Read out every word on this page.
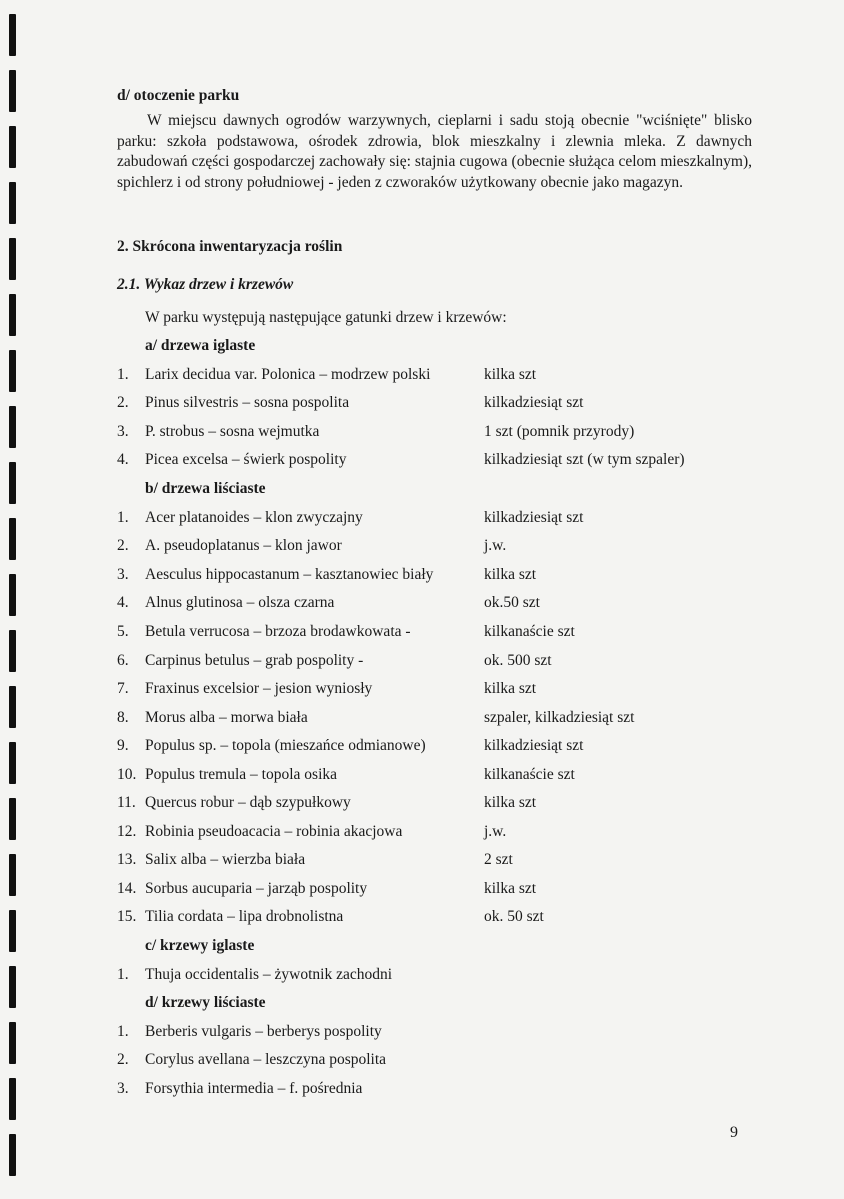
d/ otoczenie parku
W miejscu dawnych ogrodów warzywnych, cieplarni i sadu stoją obecnie "wciśnięte" blisko parku: szkoła podstawowa, ośrodek zdrowia, blok mieszkalny i zlewnia mleka. Z dawnych zabudowań części gospodarczej zachowały się: stajnia cugowa (obecnie służąca celom mieszkalnym), spichlerz i od strony południowej - jeden z czworaków użytkowany obecnie jako magazyn.
2. Skrócona inwentaryzacja roślin
2.1. Wykaz drzew i krzewów
W parku występują następujące gatunki drzew i krzewów:
a/ drzewa iglaste
1. Larix decidua var. Polonica – modrzew polski	kilka szt
2. Pinus silvestris – sosna pospolita	kilkadziesiąt szt
3. P. strobus – sosna wejmutka	1 szt (pomnik przyrody)
4. Picea excelsa – świerk pospolity	kilkadziesiąt szt (w tym szpaler)
b/ drzewa liściaste
1. Acer platanoides – klon zwyczajny	kilkadziesiąt szt
2. A. pseudoplatanus – klon jawor	j.w.
3. Aesculus hippocastanum – kasztanowiec biały	kilka szt
4. Alnus glutinosa – olsza czarna	ok.50 szt
5. Betula verrucosa – brzoza brodawkowata -	kilkanaście szt
6. Carpinus betulus – grab pospolity -	ok. 500 szt
7. Fraxinus excelsior – jesion wyniosły	kilka szt
8. Morus alba – morwa biała	szpaler, kilkadziesiąt szt
9. Populus sp. – topola (mieszańce odmianowe)	kilkadziesiąt szt
10. Populus tremula – topola osika	kilkanaście szt
11. Quercus robur – dąb szypułkowy	kilka szt
12. Robinia pseudoacacia – robinia akacjowa	j.w.
13. Salix alba – wierzba biała	2 szt
14. Sorbus aucuparia – jarząb pospolity	kilka szt
15. Tilia cordata – lipa drobnolistna	ok. 50 szt
c/ krzewy iglaste
1. Thuja occidentalis – żywotnik zachodni
d/ krzewy liściaste
1. Berberis vulgaris – berberys pospolity
2. Corylus avellana – leszczyna pospolita
3. Forsythia intermedia – f. pośrednia
9
